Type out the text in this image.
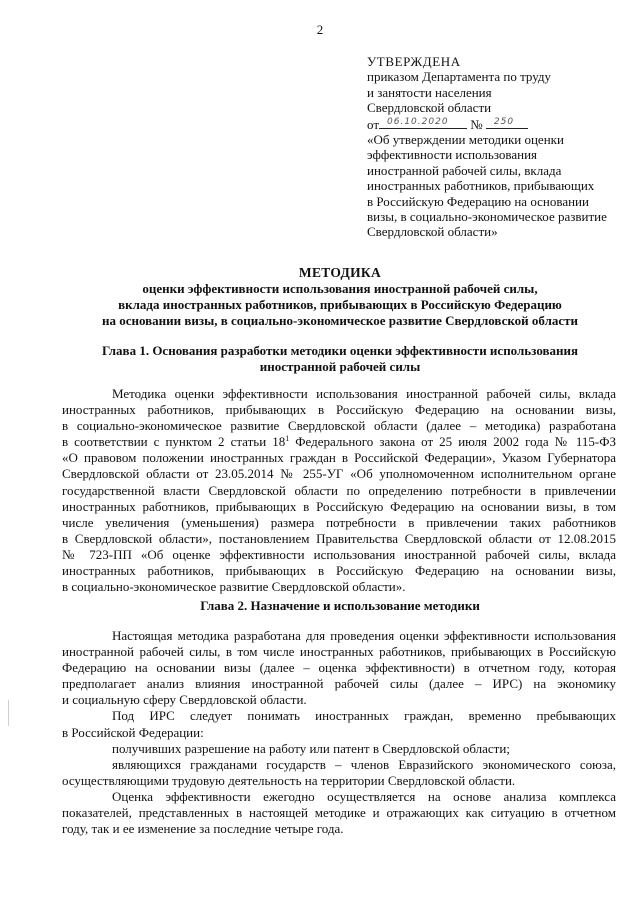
2
УТВЕРЖДЕНА
приказом Департамента по труду
и занятости населения
Свердловской области
от 06.10.2020 № 250
«Об утверждении методики оценки
эффективности использования
иностранной рабочей силы, вклада
иностранных работников, прибывающих
в Российскую Федерацию на основании
визы, в социально-экономическое развитие
Свердловской области»
МЕТОДИКА
оценки эффективности использования иностранной рабочей силы,
вклада иностранных работников, прибывающих в Российскую Федерацию
на основании визы, в социально-экономическое развитие Свердловской области
Глава 1. Основания разработки методики оценки эффективности использования
иностранной рабочей силы
Методика оценки эффективности использования иностранной рабочей силы, вклада
иностранных работников, прибывающих в Российскую Федерацию на основании визы,
в социально-экономическое развитие Свердловской области (далее – методика) разработана
в соответствии с пунктом 2 статьи $18^1$ Федерального закона от 25 июля 2002 года № 115-ФЗ
«О правовом положении иностранных граждан в Российской Федерации», Указом Губернатора
Свердловской области от 23.05.2014 № 255-УГ «Об уполномоченном исполнительном органе
государственной власти Свердловской области по определению потребности в привлечении
иностранных работников, прибывающих в Российскую Федерацию на основании визы, в том
числе увеличения (уменьшения) размера потребности в привлечении таких работников
в Свердловской области», постановлением Правительства Свердловской области от 12.08.2015
№ 723-ПП «Об оценке эффективности использования иностранной рабочей силы, вклада
иностранных работников, прибывающих в Российскую Федерацию на основании визы,
в социально-экономическое развитие Свердловской области».
Глава 2. Назначение и использование методики
Настоящая методика разработана для проведения оценки эффективности использования
иностранной рабочей силы, в том числе иностранных работников, прибывающих в Российскую
Федерацию на основании визы (далее – оценка эффективности) в отчетном году, которая
предполагает анализ влияния иностранной рабочей силы (далее – ИРС) на экономику
и социальную сферу Свердловской области.
Под ИРС следует понимать иностранных граждан, временно пребывающих
в Российской Федерации:
получивших разрешение на работу или патент в Свердловской области;
являющихся гражданами государств – членов Евразийского экономического союза,
осуществляющими трудовую деятельность на территории Свердловской области.
Оценка эффективности ежегодно осуществляется на основе анализа комплекса
показателей, представленных в настоящей методике и отражающих как ситуацию в отчетном
году, так и ее изменение за последние четыре года.
